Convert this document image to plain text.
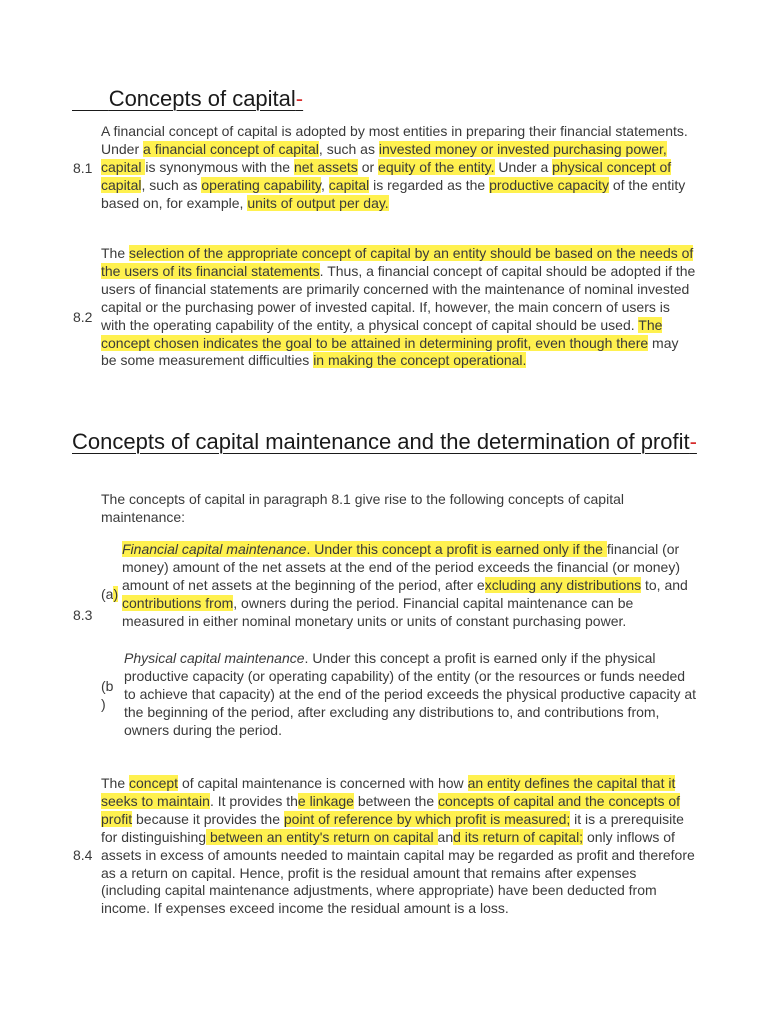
Concepts of capital-
8.1
A financial concept of capital is adopted by most entities in preparing their financial statements. Under a financial concept of capital, such as invested money or invested purchasing power, capital is synonymous with the net assets or equity of the entity. Under a physical concept of capital, such as operating capability, capital is regarded as the productive capacity of the entity based on, for example, units of output per day.
8.2
The selection of the appropriate concept of capital by an entity should be based on the needs of the users of its financial statements. Thus, a financial concept of capital should be adopted if the users of financial statements are primarily concerned with the maintenance of nominal invested capital or the purchasing power of invested capital. If, however, the main concern of users is with the operating capability of the entity, a physical concept of capital should be used. The concept chosen indicates the goal to be attained in determining profit, even though there may be some measurement difficulties in making the concept operational.
Concepts of capital maintenance and the determination of profit-
The concepts of capital in paragraph 8.1 give rise to the following concepts of capital maintenance:
8.3
(a)
Financial capital maintenance. Under this concept a profit is earned only if the financial (or money) amount of the net assets at the end of the period exceeds the financial (or money) amount of net assets at the beginning of the period, after excluding any distributions to, and contributions from, owners during the period. Financial capital maintenance can be measured in either nominal monetary units or units of constant purchasing power.
(b
)
Physical capital maintenance. Under this concept a profit is earned only if the physical productive capacity (or operating capability) of the entity (or the resources or funds needed to achieve that capacity) at the end of the period exceeds the physical productive capacity at the beginning of the period, after excluding any distributions to, and contributions from, owners during the period.
8.4
The concept of capital maintenance is concerned with how an entity defines the capital that it seeks to maintain. It provides the linkage between the concepts of capital and the concepts of profit because it provides the point of reference by which profit is measured; it is a prerequisite for distinguishing between an entity's return on capital and its return of capital; only inflows of assets in excess of amounts needed to maintain capital may be regarded as profit and therefore as a return on capital. Hence, profit is the residual amount that remains after expenses (including capital maintenance adjustments, where appropriate) have been deducted from income. If expenses exceed income the residual amount is a loss.
